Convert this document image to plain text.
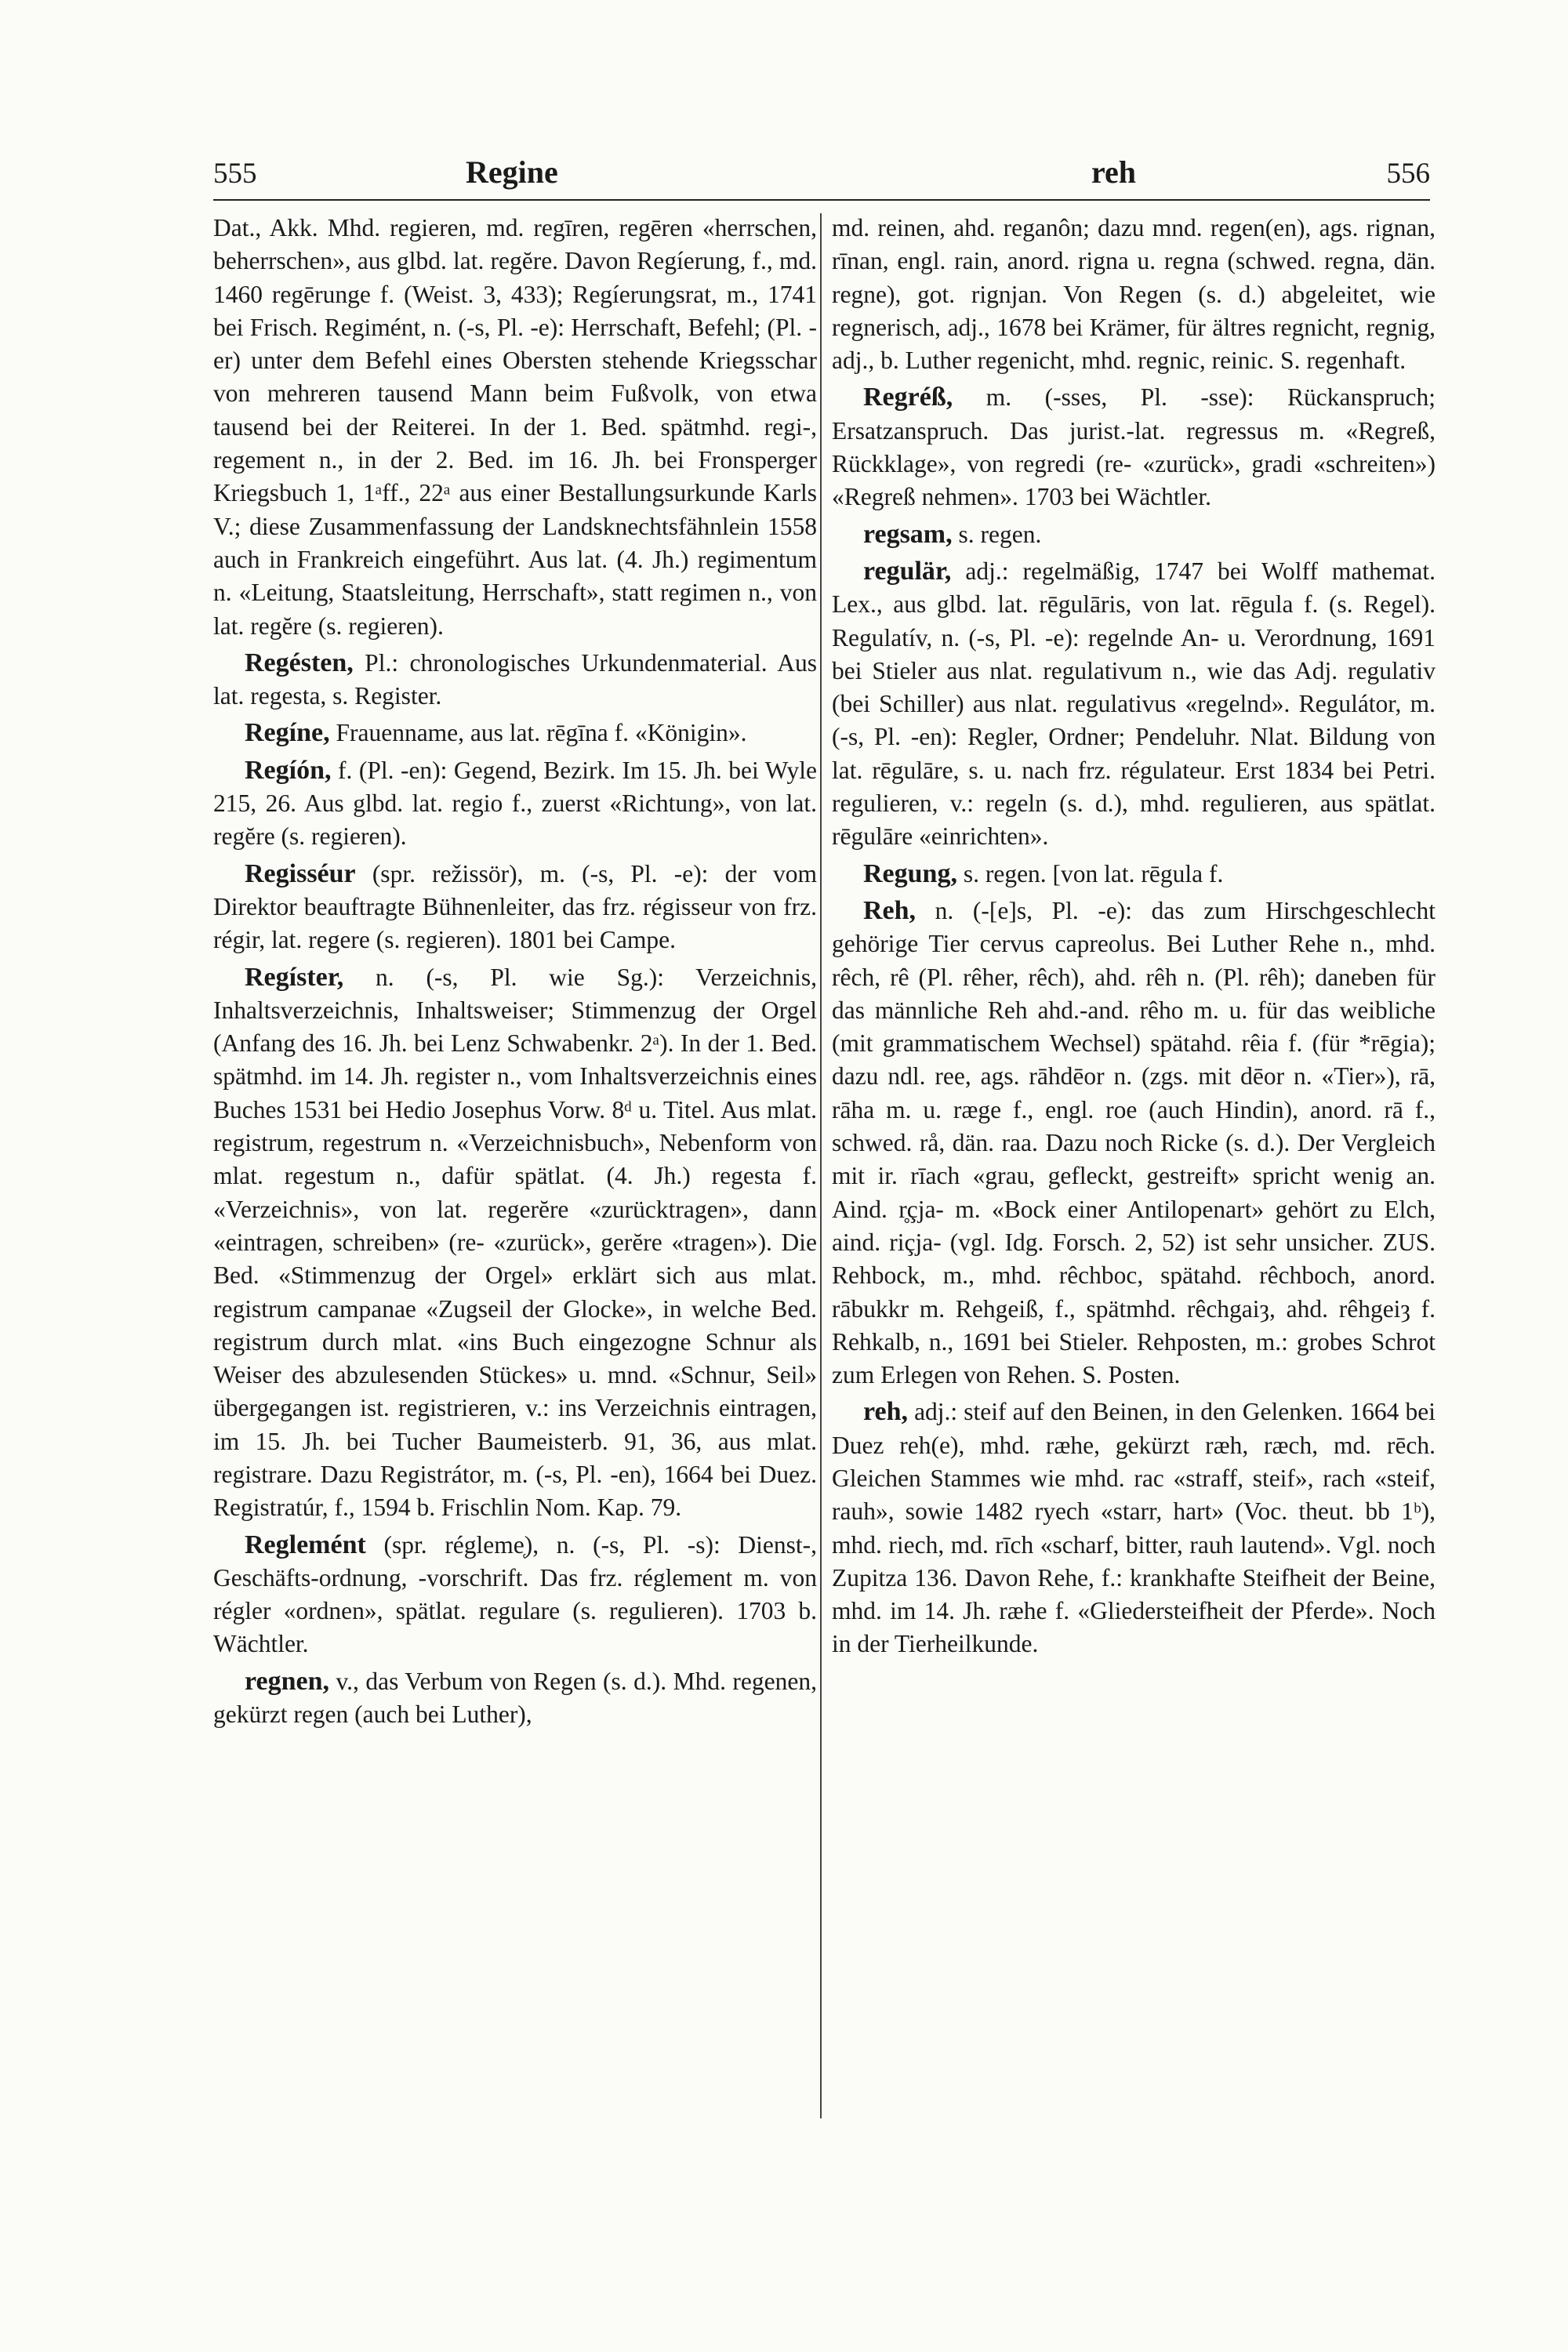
555	Regine	reh	556

Dat., Akk. Mhd. regieren, md. regīren, regēren «herrschen, beherrschen», aus glbd. lat. regĕre. Davon Regíerung, f., md. 1460 regērunge f. (Weist. 3, 433); Regíerungsrat, m., 1741 bei Frisch. Regimént, n. (-s, Pl. -e): Herrschaft, Befehl; (Pl. -er) unter dem Befehl eines Obersten stehende Kriegsschar von mehreren tausend Mann beim Fußvolk, von etwa tausend bei der Reiterei. In der 1. Bed. spätmhd. regi-, regement n., in der 2. Bed. im 16. Jh. bei Fronsperger Kriegsbuch 1, 1ᵃff., 22ᵃ aus einer Bestallungsurkunde Karls V.; diese Zusammenfassung der Landsknechtsfähnlein 1558 auch in Frankreich eingeführt. Aus lat. (4. Jh.) regimentum n. «Leitung, Staatsleitung, Herrschaft», statt regimen n., von lat. regĕre (s. regieren).

Regésten, Pl.: chronologisches Urkundenmaterial. Aus lat. regesta, s. Register.

Regíne, Frauenname, aus lat. rēgīna f. «Königin».

Regíón, f. (Pl. -en): Gegend, Bezirk. Im 15. Jh. bei Wyle 215, 26. Aus glbd. lat. regio f., zuerst «Richtung», von lat. regĕre (s. regieren).

Regisséur (spr. režissör), m. (-s, Pl. -e): der vom Direktor beauftragte Bühnenleiter, das frz. régisseur von frz. régir, lat. regere (s. regieren). 1801 bei Campe.

Regíster, n. (-s, Pl. wie Sg.): Verzeichnis, Inhaltsverzeichnis, Inhaltsweiser; Stimmenzug der Orgel (Anfang des 16. Jh. bei Lenz Schwabenkr. 2ᵃ). In der 1. Bed. spätmhd. im 14. Jh. register n., vom Inhaltsverzeichnis eines Buches 1531 bei Hedio Josephus Vorw. 8ᵈ u. Titel. Aus mlat. registrum, regestrum n. «Verzeichnisbuch», Nebenform von mlat. regestum n., dafür spätlat. (4. Jh.) regesta f. «Verzeichnis», von lat. regerĕre «zurücktragen», dann «eintragen, schreiben» (re- «zurück», gerĕre «tragen»). Die Bed. «Stimmenzug der Orgel» erklärt sich aus mlat. registrum campanae «Zugseil der Glocke», in welche Bed. registrum durch mlat. «ins Buch eingezogne Schnur als Weiser des abzulesenden Stückes» u. mnd. «Schnur, Seil» übergegangen ist. registrieren, v.: ins Verzeichnis eintragen, im 15. Jh. bei Tucher Baumeisterb. 91, 36, aus mlat. registrare. Dazu Registrátor, m. (-s, Pl. -en), 1664 bei Duez. Registratúr, f., 1594 b. Frischlin Nom. Kap. 79.

Reglemént (spr. régleme̜), n. (-s, Pl. -s): Dienst-, Geschäfts-ordnung, -vorschrift. Das frz. réglement m. von régler «ordnen», spätlat. regulare (s. regulieren). 1703 b. Wächtler.

regnen, v., das Verbum von Regen (s. d.). Mhd. regenen, gekürzt regen (auch bei Luther),

md. reinen, ahd. reganôn; dazu mnd. regen(en), ags. rignan, rīnan, engl. rain, anord. rigna u. regna (schwed. regna, dän. regne), got. rignjan. Von Regen (s. d.) abgeleitet, wie regnerisch, adj., 1678 bei Krämer, für ältres regnicht, regnig, adj., b. Luther regenicht, mhd. regnic, reinic. S. regenhaft.

Regréß, m. (-sses, Pl. -sse): Rückanspruch; Ersatzanspruch. Das jurist.-lat. regressus m. «Regreß, Rückklage», von regredi (re- «zurück», gradi «schreiten») «Regreß nehmen». 1703 bei Wächtler.

regsam, s. regen.

regulär, adj.: regelmäßig, 1747 bei Wolff mathemat. Lex., aus glbd. lat. rēgulāris, von lat. rēgula f. (s. Regel). Regulatív, n. (-s, Pl. -e): regelnde An- u. Verordnung, 1691 bei Stieler aus nlat. regulativum n., wie das Adj. regulativ (bei Schiller) aus nlat. regulativus «regelnd». Regulátor, m. (-s, Pl. -en): Regler, Ordner; Pendeluhr. Nlat. Bildung von lat. rēgulāre, s. u. nach frz. régulateur. Erst 1834 bei Petri. regulieren, v.: regeln (s. d.), mhd. regulieren, aus spätlat. rēgulāre «einrichten».

Regung, s. regen. [von lat. rēgula f.

Reh, n. (-[e]s, Pl. -e): das zum Hirschgeschlecht gehörige Tier cervus capreolus. Bei Luther Rehe n., mhd. rêch, rê (Pl. rêher, rêch), ahd. rêh n. (Pl. rêh); daneben für das männliche Reh ahd.-and. rêho m. u. für das weibliche (mit grammatischem Wechsel) spätahd. rêia f. (für *rēgia); dazu ndl. ree, ags. rāhdēor n. (zgs. mit dēor n. «Tier»), rā, rāha m. u. ræge f., engl. roe (auch Hindin), anord. rā f., schwed. rå, dän. raa. Dazu noch Ricke (s. d.). Der Vergleich mit ir. rīach «grau, gefleckt, gestreift» spricht wenig an. Aind. r̥çja- m. «Bock einer Antilopenart» gehört zu Elch, aind. riçja- (vgl. Idg. Forsch. 2, 52) ist sehr unsicher. ZUS. Rehbock, m., mhd. rêchboc, spätahd. rêchboch, anord. rābukkr m. Rehgeiß, f., spätmhd. rêchgaiȝ, ahd. rêhgeiȝ f. Rehkalb, n., 1691 bei Stieler. Rehposten, m.: grobes Schrot zum Erlegen von Rehen. S. Posten.

reh, adj.: steif auf den Beinen, in den Gelenken. 1664 bei Duez reh(e), mhd. ræhe, gekürzt ræh, ræch, md. rēch. Gleichen Stammes wie mhd. rac «straff, steif», rach «steif, rauh», sowie 1482 ryech «starr, hart» (Voc. theut. bb 1ᵇ), mhd. riech, md. rīch «scharf, bitter, rauh lautend». Vgl. noch Zupitza 136. Davon Rehe, f.: krankhafte Steifheit der Beine, mhd. im 14. Jh. ræhe f. «Gliedersteifheit der Pferde». Noch in der Tierheilkunde.
